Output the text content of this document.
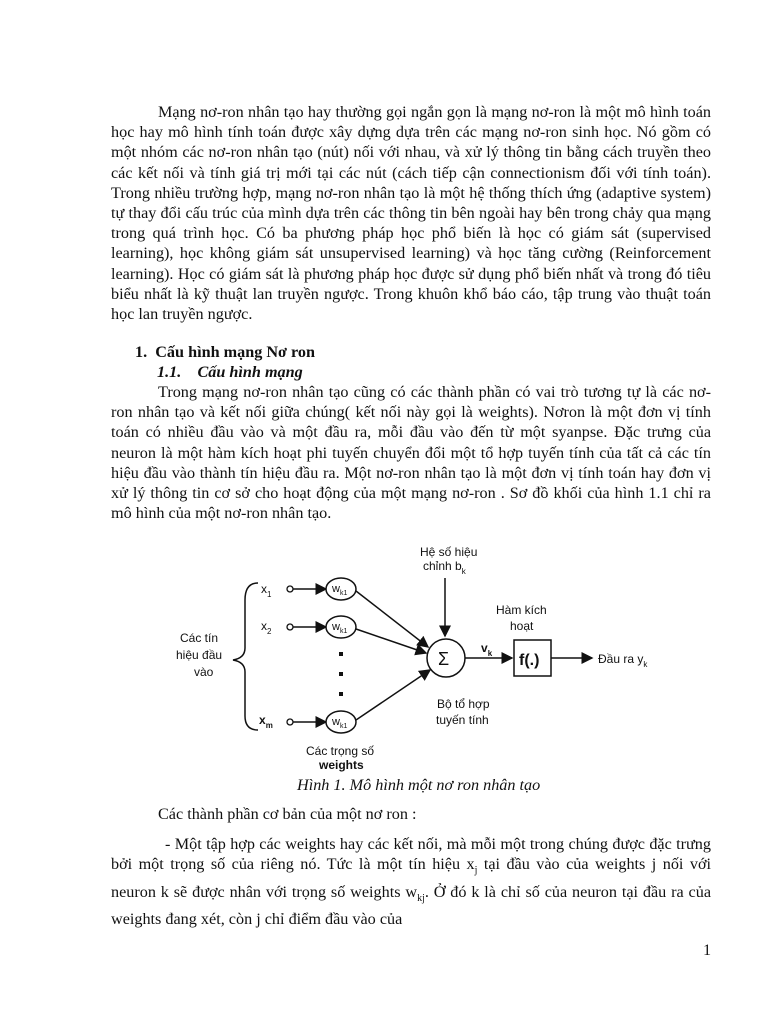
Mạng nơ-ron nhân tạo hay thường gọi ngắn gọn là mạng nơ-ron là một mô hình toán học hay mô hình tính toán được xây dựng dựa trên các mạng nơ-ron sinh học. Nó gồm có một nhóm các nơ-ron nhân tạo (nút) nối với nhau, và xử lý thông tin bằng cách truyền theo các kết nối và tính giá trị mới tại các nút (cách tiếp cận connectionism đối với tính toán). Trong nhiều trường hợp, mạng nơ-ron nhân tạo là một hệ thống thích ứng (adaptive system) tự thay đổi cấu trúc của mình dựa trên các thông tin bên ngoài hay bên trong chảy qua mạng trong quá trình học. Có ba phương pháp học phổ biến là học có giám sát (supervised learning), học không giám sát unsupervised learning) và học tăng cường (Reinforcement learning). Học có giám sát là phương pháp học được sử dụng phổ biến nhất và trong đó tiêu biểu nhất là kỹ thuật lan truyền ngược. Trong khuôn khổ báo cáo, tập trung vào thuật toán học lan truyền ngược.

1. Cấu hình mạng Nơ ron

1.1. Cấu hình mạng

Trong mạng nơ-ron nhân tạo cũng có các thành phần có vai trò tương tự là các nơ-ron nhân tạo và kết nối giữa chúng( kết nối này gọi là weights). Nơron là một đơn vị tính toán có nhiều đầu vào và một đầu ra, mỗi đầu vào đến từ một syanpse. Đặc trưng của neuron là một hàm kích hoạt phi tuyến chuyển đổi một tổ hợp tuyến tính của tất cả các tín hiệu đầu vào thành tín hiệu đầu ra. Một nơ-ron nhân tạo là một đơn vị tính toán hay đơn vị xử lý thông tin cơ sở cho hoạt động của một mạng nơ-ron . Sơ đồ khối của hình 1.1 chỉ ra mô hình của một nơ-ron nhân tạo.

Hệ số hiệu
chỉnh $b_k$
Các tín
hiệu đầu
vào
$x_1$
$x_2$
$x_m$
$w_{k1}$
$w_{k1}$
$w_{k1}$
Σ
$v_k$
Hàm kích
hoạt
f(.)	Đầu ra $y_k$
Bộ tổ hợp
tuyến tính
Các trọng số
weights

Hình 1. Mô hình một nơ ron nhân tạo

Các thành phần cơ bản của một nơ ron :

- Một tập hợp các weights hay các kết nối, mà mỗi một trong chúng được đặc trưng bởi một trọng số của riêng nó. Tức là một tín hiệu $x_j$ tại đầu vào của weights j nối với neuron k sẽ được nhân với trọng số weights $w_{kj}$. Ở đó k là chỉ số của neuron tại đầu ra của weights đang xét, còn j chỉ điểm đầu vào của

1
